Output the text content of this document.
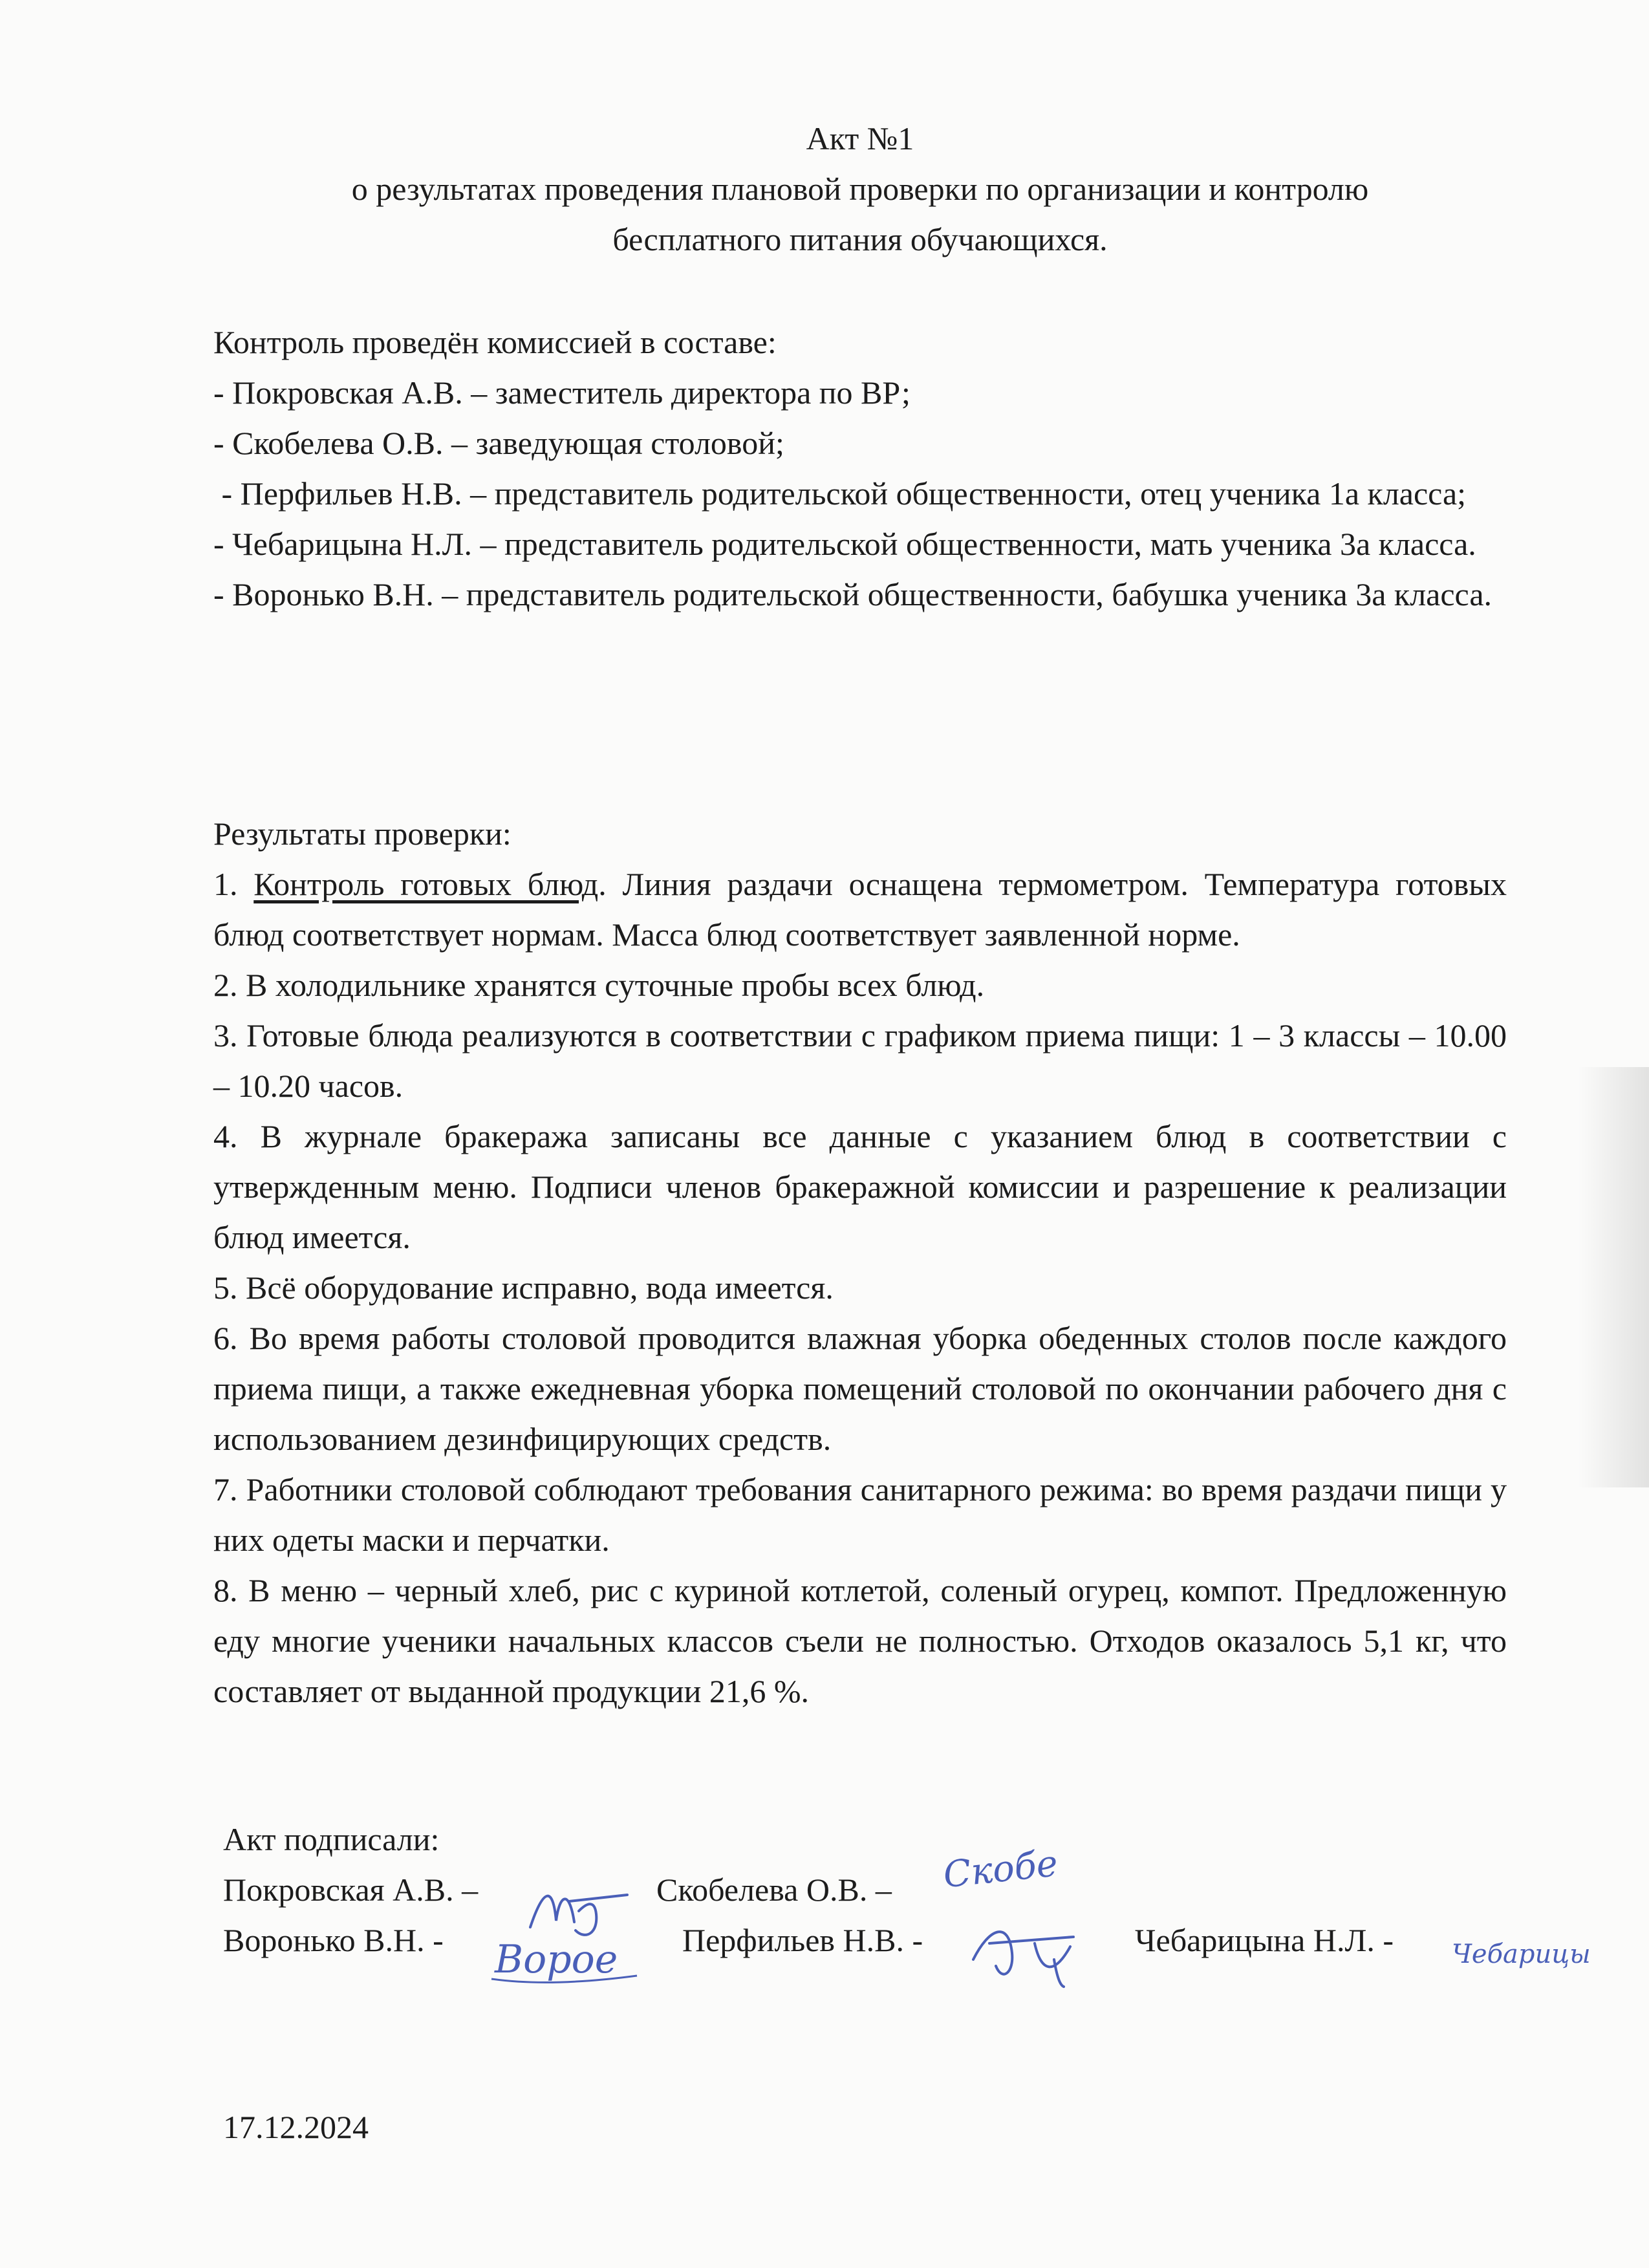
Акт №1
о результатах проведения плановой проверки по организации и контролю
бесплатного питания обучающихся.

Контроль проведён комиссией в составе:

- Покровская А.В. – заместитель директора по ВР;

- Скобелева О.В. – заведующая столовой;

- Перфильев Н.В. – представитель родительской общественности, отец ученика 1а класса;

- Чебарицына Н.Л. – представитель родительской общественности, мать ученика 3а класса.

- Воронько В.Н. – представитель родительской общественности, бабушка ученика 3а класса.

Результаты проверки:

1. Контроль готовых блюд. Линия раздачи оснащена термометром. Температура готовых блюд соответствует нормам. Масса блюд соответствует заявленной норме.

2. В холодильнике хранятся суточные пробы всех блюд.

3. Готовые блюда реализуются в соответствии с графиком приема пищи: 1 – 3 классы – 10.00 – 10.20 часов.

4. В журнале бракеража записаны все данные с указанием блюд в соответствии с утвержденным меню. Подписи членов бракеражной комиссии и разрешение к реализации блюд имеется.

5. Всё оборудование исправно, вода имеется.

6. Во время работы столовой проводится влажная уборка обеденных столов после каждого приема пищи, а также ежедневная уборка помещений столовой по окончании рабочего дня с использованием дезинфицирующих средств.

7. Работники столовой соблюдают требования санитарного режима: во время раздачи пищи у них одеты маски и перчатки.

8. В меню – черный хлеб, рис с куриной котлетой, соленый огурец, компот. Предложенную еду многие ученики начальных классов съели не полностью. Отходов оказалось 5,1 кг, что составляет от выданной продукции 21,6 %.

Акт подписали:
Покровская А.В. –	Скобелева О.В. –
Воронько В.Н. -	Перфильев Н.В. -	Чебарицына Н.Л. -
Скобе
Ворое	Чебарицы
17.12.2024
